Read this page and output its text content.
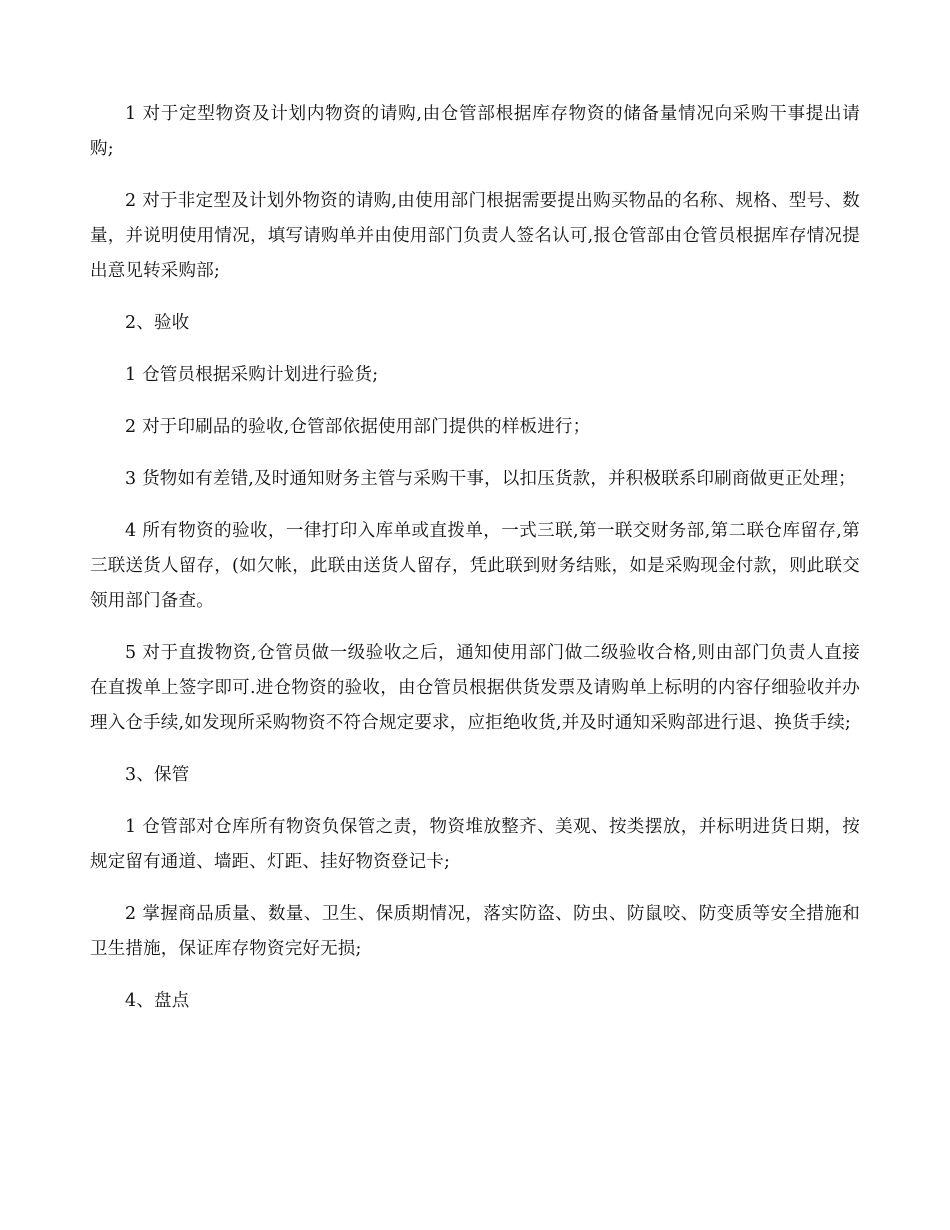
1 对于定型物资及计划内物资的请购,由仓管部根据库存物资的储备量情况向采购干事提出请购;

2 对于非定型及计划外物资的请购,由使用部门根据需要提出购买物品的名称、规格、型号、数量，并说明使用情况，填写请购单并由使用部门负责人签名认可,报仓管部由仓管员根据库存情况提出意见转采购部;

2、验收

1 仓管员根据采购计划进行验货;

2 对于印刷品的验收,仓管部依据使用部门提供的样板进行；

3 货物如有差错,及时通知财务主管与采购干事，以扣压货款，并积极联系印刷商做更正处理；

4 所有物资的验收，一律打印入库单或直拨单，一式三联,第一联交财务部,第二联仓库留存,第三联送货人留存，(如欠帐，此联由送货人留存，凭此联到财务结账，如是采购现金付款，则此联交领用部门备查。

5 对于直拨物资,仓管员做一级验收之后，通知使用部门做二级验收合格,则由部门负责人直接在直拨单上签字即可.进仓物资的验收，由仓管员根据供货发票及请购单上标明的内容仔细验收并办理入仓手续,如发现所采购物资不符合规定要求，应拒绝收货,并及时通知采购部进行退、换货手续;

3、保管

1 仓管部对仓库所有物资负保管之责，物资堆放整齐、美观、按类摆放，并标明进货日期，按规定留有通道、墙距、灯距、挂好物资登记卡;

2 掌握商品质量、数量、卫生、保质期情况，落实防盗、防虫、防鼠咬、防变质等安全措施和卫生措施，保证库存物资完好无损;

4、盘点
